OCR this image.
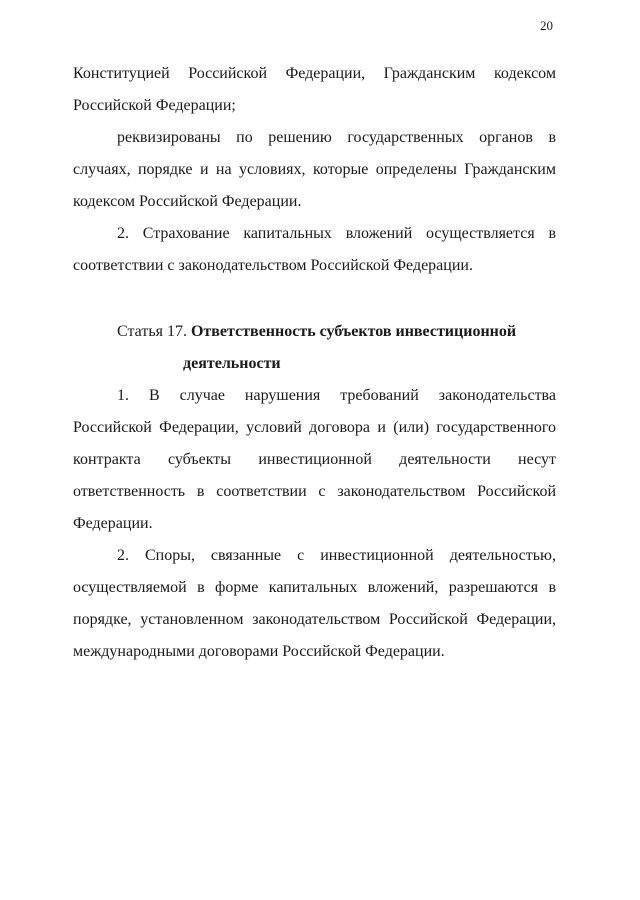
20

Конституцией Российской Федерации, Гражданским кодексом Российской Федерации;

реквизированы по решению государственных органов в случаях, порядке и на условиях, которые определены Гражданским кодексом Российской Федерации.

2. Страхование капитальных вложений осуществляется в соответствии с законодательством Российской Федерации.

Статья 17. Ответственность субъектов инвестиционной
деятельности

1. В случае нарушения требований законодательства Российской Федерации, условий договора и (или) государственного контракта субъекты инвестиционной деятельности несут ответственность в соответствии с законодательством Российской Федерации.

2. Споры, связанные с инвестиционной деятельностью, осуществляемой в форме капитальных вложений, разрешаются в порядке, установленном законодательством Российской Федерации, международными договорами Российской Федерации.
